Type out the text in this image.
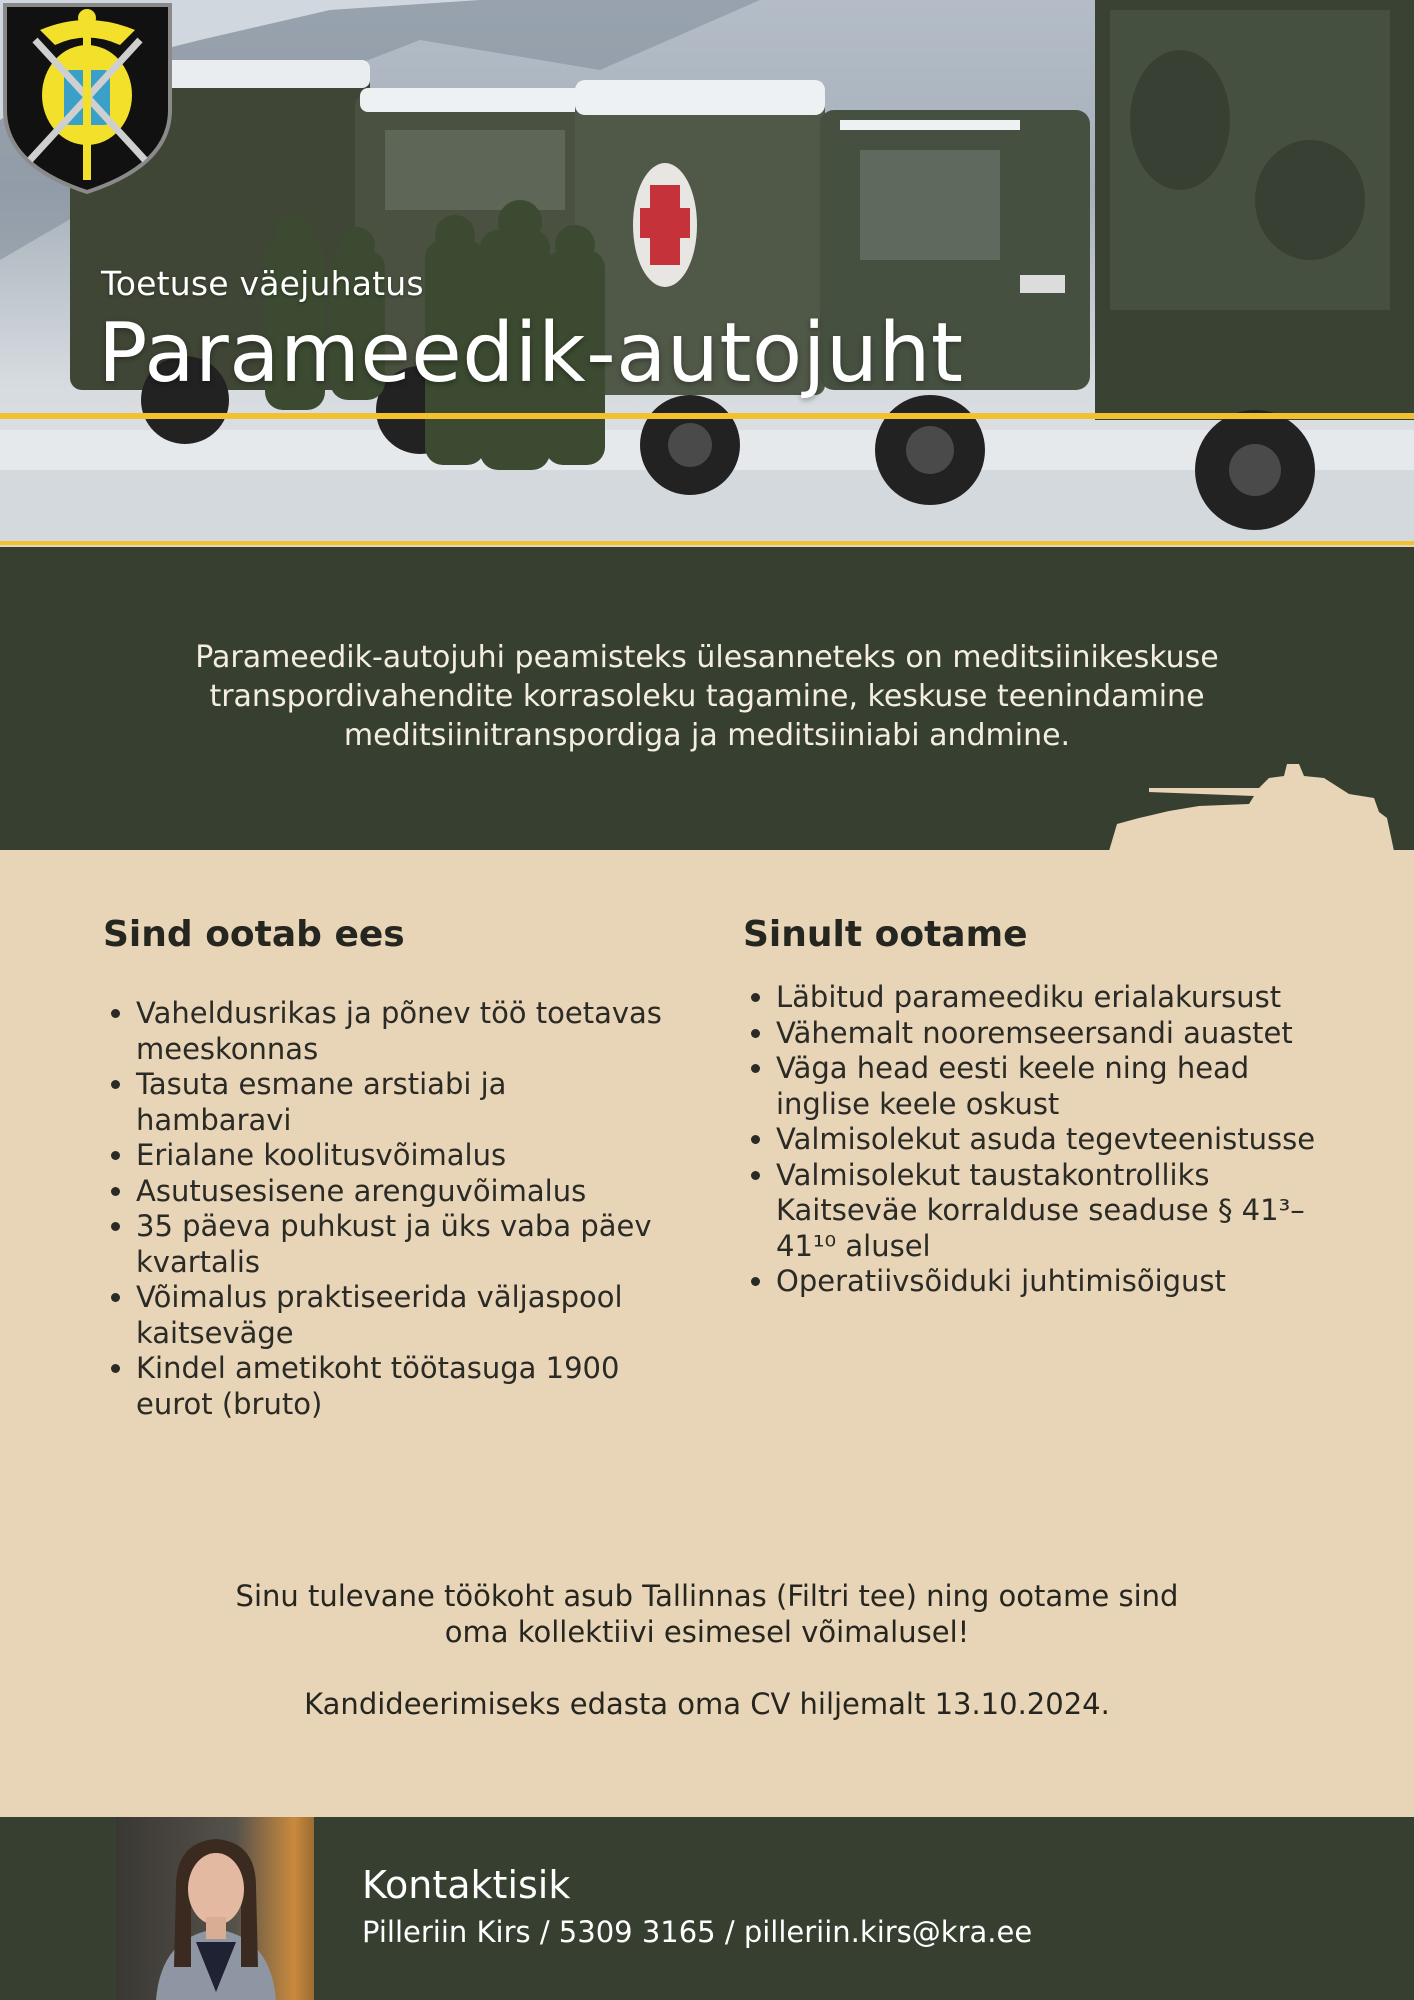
Toetuse väejuhatus
Parameedik-autojuht
Parameedik-autojuhi peamisteks ülesanneteks on meditsiinikeskuse transpordivahendite korrasoleku tagamine, keskuse teenindamine meditsiinitranspordiga ja meditsiiniabi andmine.
Sind ootab ees
• Vaheldusrikas ja põnev töö toetavas meeskonnas
• Tasuta esmane arstiabi ja hambaravi
• Erialane koolitusvõimalus
• Asutusesisene arenguvõimalus
• 35 päeva puhkust ja üks vaba päev kvartalis
• Võimalus praktiseerida väljaspool kaitseväge
• Kindel ametikoht töötasuga 1900 eurot (bruto)
Sinult ootame
• Läbitud parameediku erialakursust
• Vähemalt nooremseersandi auastet
• Väga head eesti keele ning head inglise keele oskust
• Valmisolekut asuda tegevteenistusse
• Valmisolekut taustakontrolliks Kaitseväe korralduse seaduse § 41³–41¹⁰ alusel
• Operatiivsõiduki juhtimisõigust

Sinu tulevane töökoht asub Tallinnas (Filtri tee) ning ootame sind oma kollektiivi esimesel võimalusel!

Kandideerimiseks edasta oma CV hiljemalt 13.10.2024.

Kontaktisik
Pilleriin Kirs / 5309 3165 / pilleriin.kirs@kra.ee
